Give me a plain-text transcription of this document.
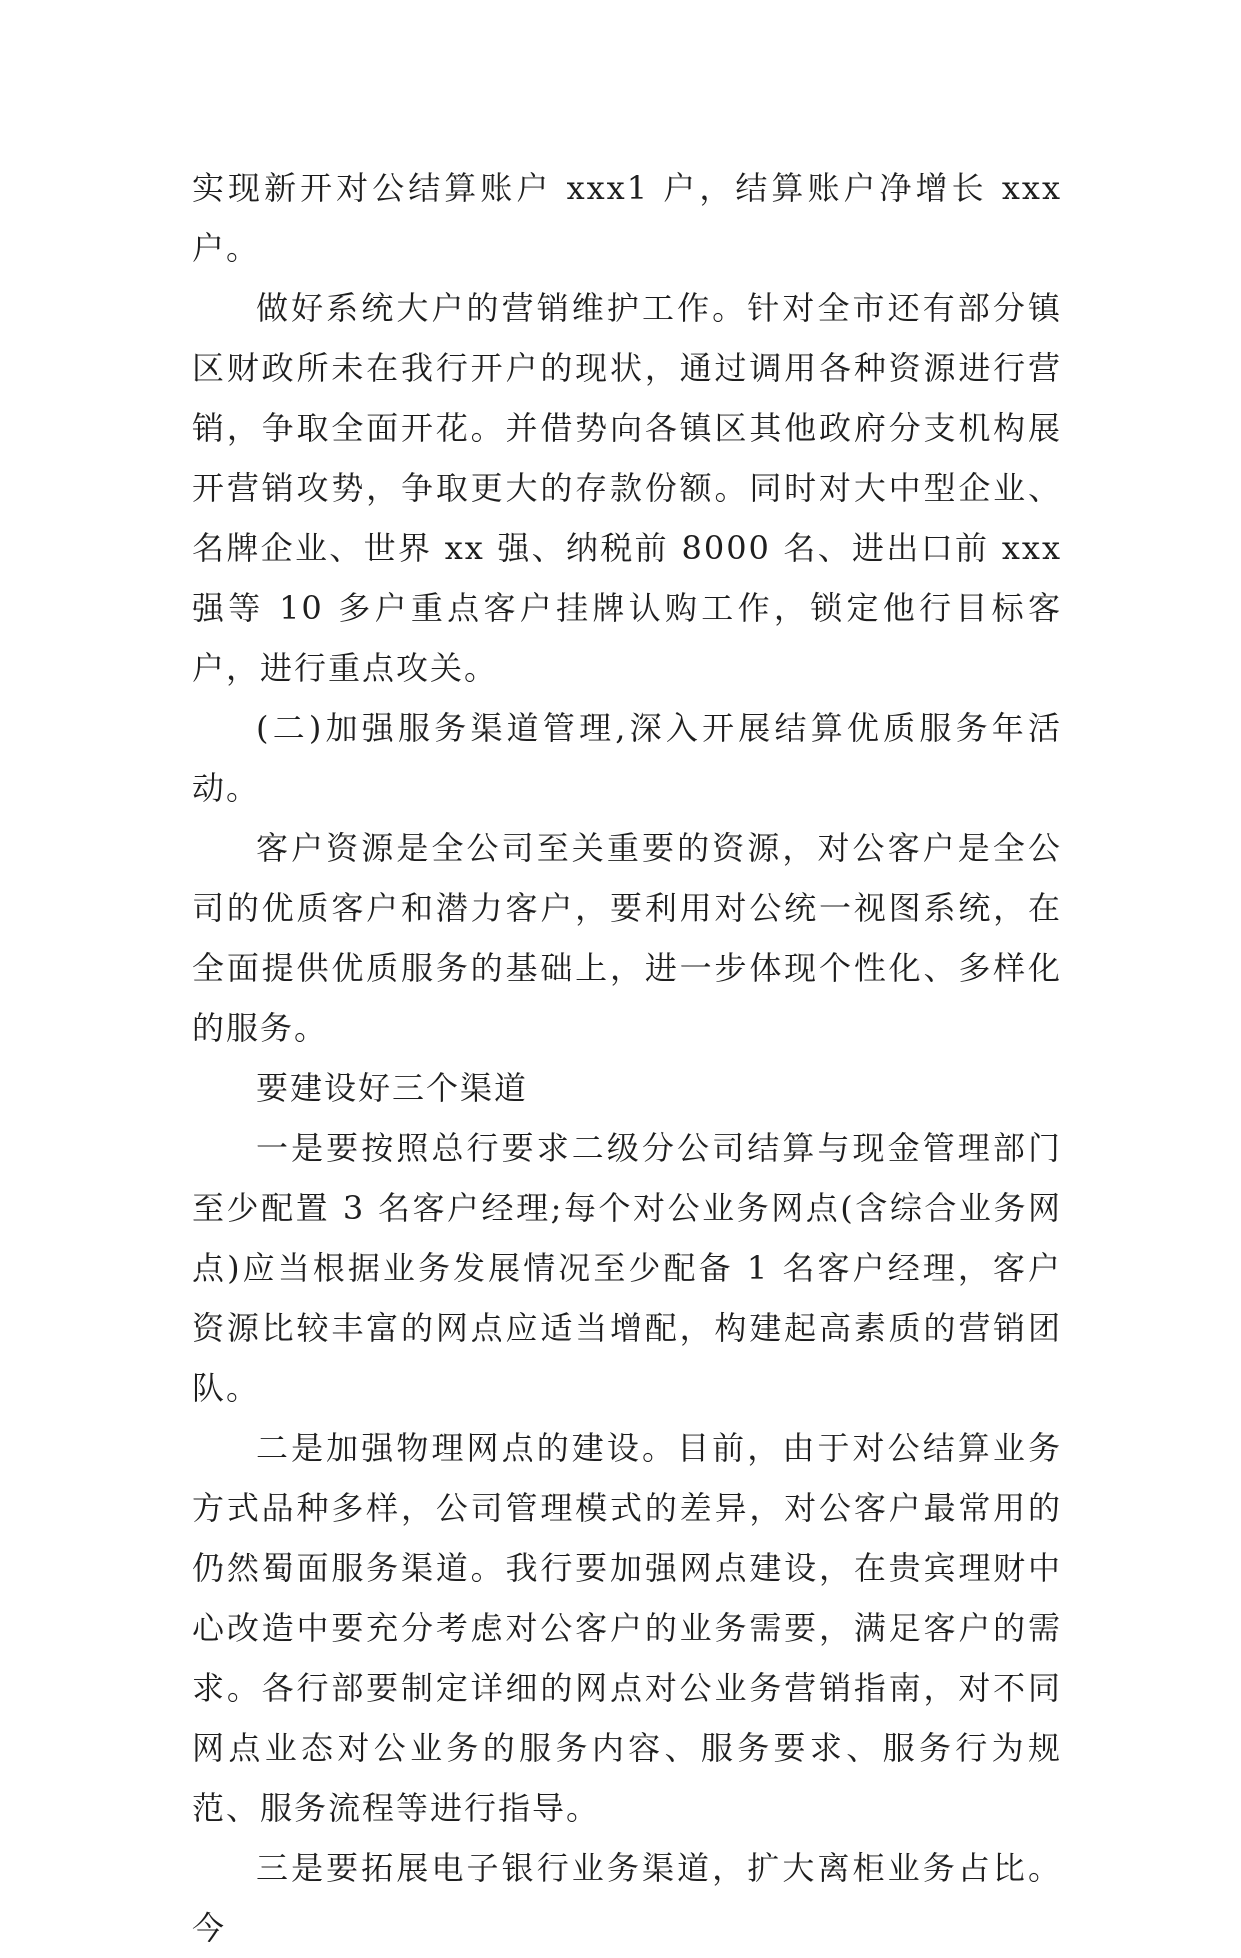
实现新开对公结算账户 xxx1 户，结算账户净增长 xxx 户。

做好系统大户的营销维护工作。针对全市还有部分镇区财政所未在我行开户的现状，通过调用各种资源进行营销，争取全面开花。并借势向各镇区其他政府分支机构展开营销攻势，争取更大的存款份额。同时对大中型企业、名牌企业、世界 xx 强、纳税前 8000 名、进出口前 xxx 强等 10 多户重点客户挂牌认购工作，锁定他行目标客户，进行重点攻关。

(二)加强服务渠道管理,深入开展结算优质服务年活动。

客户资源是全公司至关重要的资源，对公客户是全公司的优质客户和潜力客户，要利用对公统一视图系统，在全面提供优质服务的基础上，进一步体现个性化、多样化的服务。

要建设好三个渠道

一是要按照总行要求二级分公司结算与现金管理部门至少配置 3 名客户经理;每个对公业务网点(含综合业务网点)应当根据业务发展情况至少配备 1 名客户经理，客户资源比较丰富的网点应适当增配，构建起高素质的营销团队。

二是加强物理网点的建设。目前，由于对公结算业务方式品种多样，公司管理模式的差异，对公客户最常用的仍然蜀面服务渠道。我行要加强网点建设，在贵宾理财中心改造中要充分考虑对公客户的业务需要，满足客户的需求。各行部要制定详细的网点对公业务营销指南，对不同网点业态对公业务的服务内容、服务要求、服务行为规范、服务流程等进行指导。

三是要拓展电子银行业务渠道，扩大离柜业务占比。今
